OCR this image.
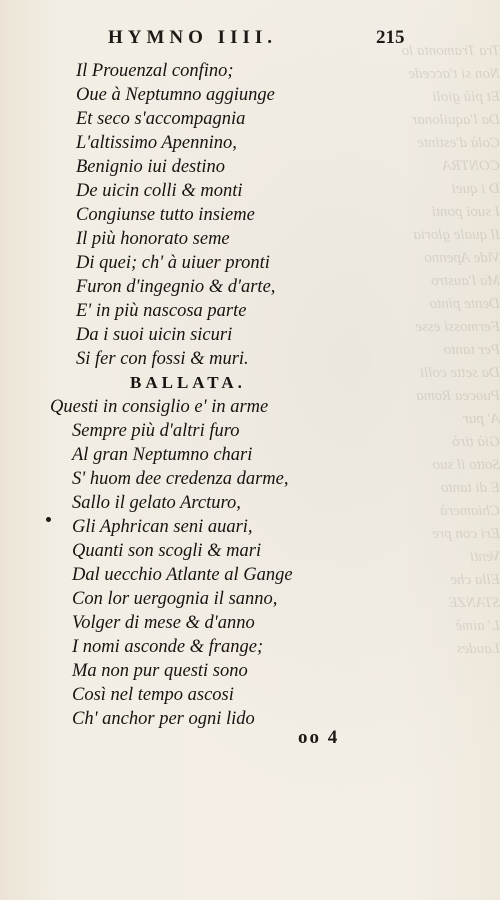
Tra Tramonta lo
Non si t'accede
Et più gioli
Da l'aquilonar
Colà d'estinte
CONTRA
D i quei
I suoi ponti
Il quale gloria
Vide Apenno
Ma l'austro
Dente pinto
Fermossi esse
Per tanto
Da sette colli
Puocea Roma
A' pur
Già tirò
Sotto il suo
E di tanto
Chiamerà
Eri con pre
Venti
Ella che
STANZE
L' aimè
Laudes
HYMNO IIII.	215
Il Prouenzal confino;
Oue à Neptumno aggiunge
Et seco s'accompagnia
L'altissimo Apennino,
Benignio iui destino
De uicin colli & monti
Congiunse tutto insieme
Il più honorato seme
Di quei; ch' à uiuer pronti
Furon d'ingegnio & d'arte,
E' in più nascosa parte
Da i suoi uicin sicuri
Si fer con fossi & muri.
BALLATA.
Questi in consiglio e' in arme
Sempre più d'altri furo
Al gran Neptumno chari
S' huom dee credenza darme,
Sallo il gelato Arcturo,
Gli Aphrican seni auari,
Quanti son scogli & mari
Dal uecchio Atlante al Gange
Con lor uergognia il sanno,
Volger di mese & d'anno
I nomi asconde & frange;
Ma non pur questi sono
Così nel tempo ascosi
Ch' anchor per ogni lido
oo 4
